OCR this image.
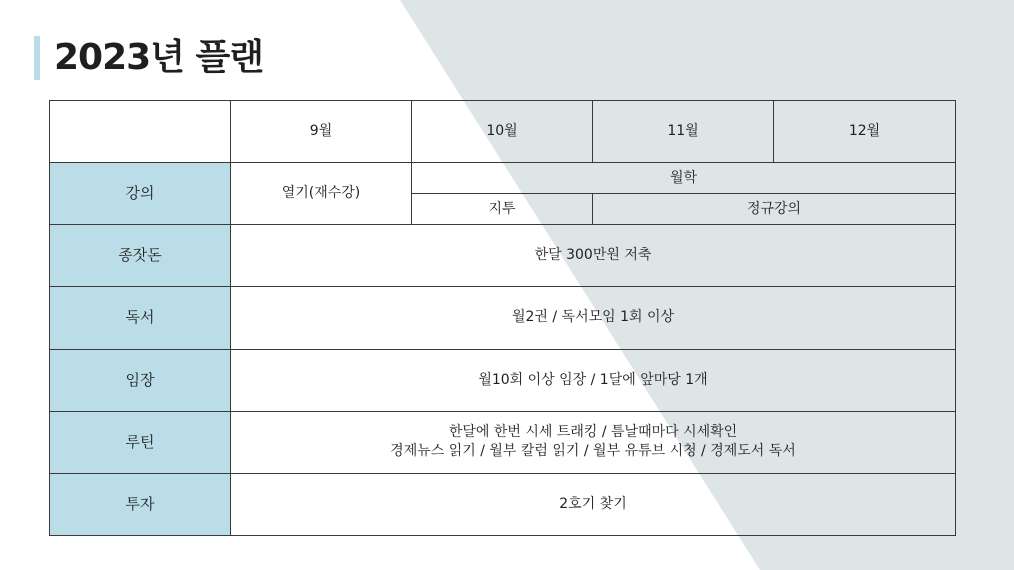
2023년 플랜
	9월	10월	11월	12월
강의	열기(재수강)	월학		
		지투	정규강의	
종잣돈	한달 300만원 저축			
독서	월2권 / 독서모임 1회 이상			
임장	월10회 이상 임장 / 1달에 앞마당 1개			
루틴	한달에 한번 시세 트래킹 / 틈날때마다 시세확인
경제뉴스 읽기 / 월부 칼럼 읽기 / 월부 유튜브 시청 / 경제도서 독서			

투자	2호기 찾기			
